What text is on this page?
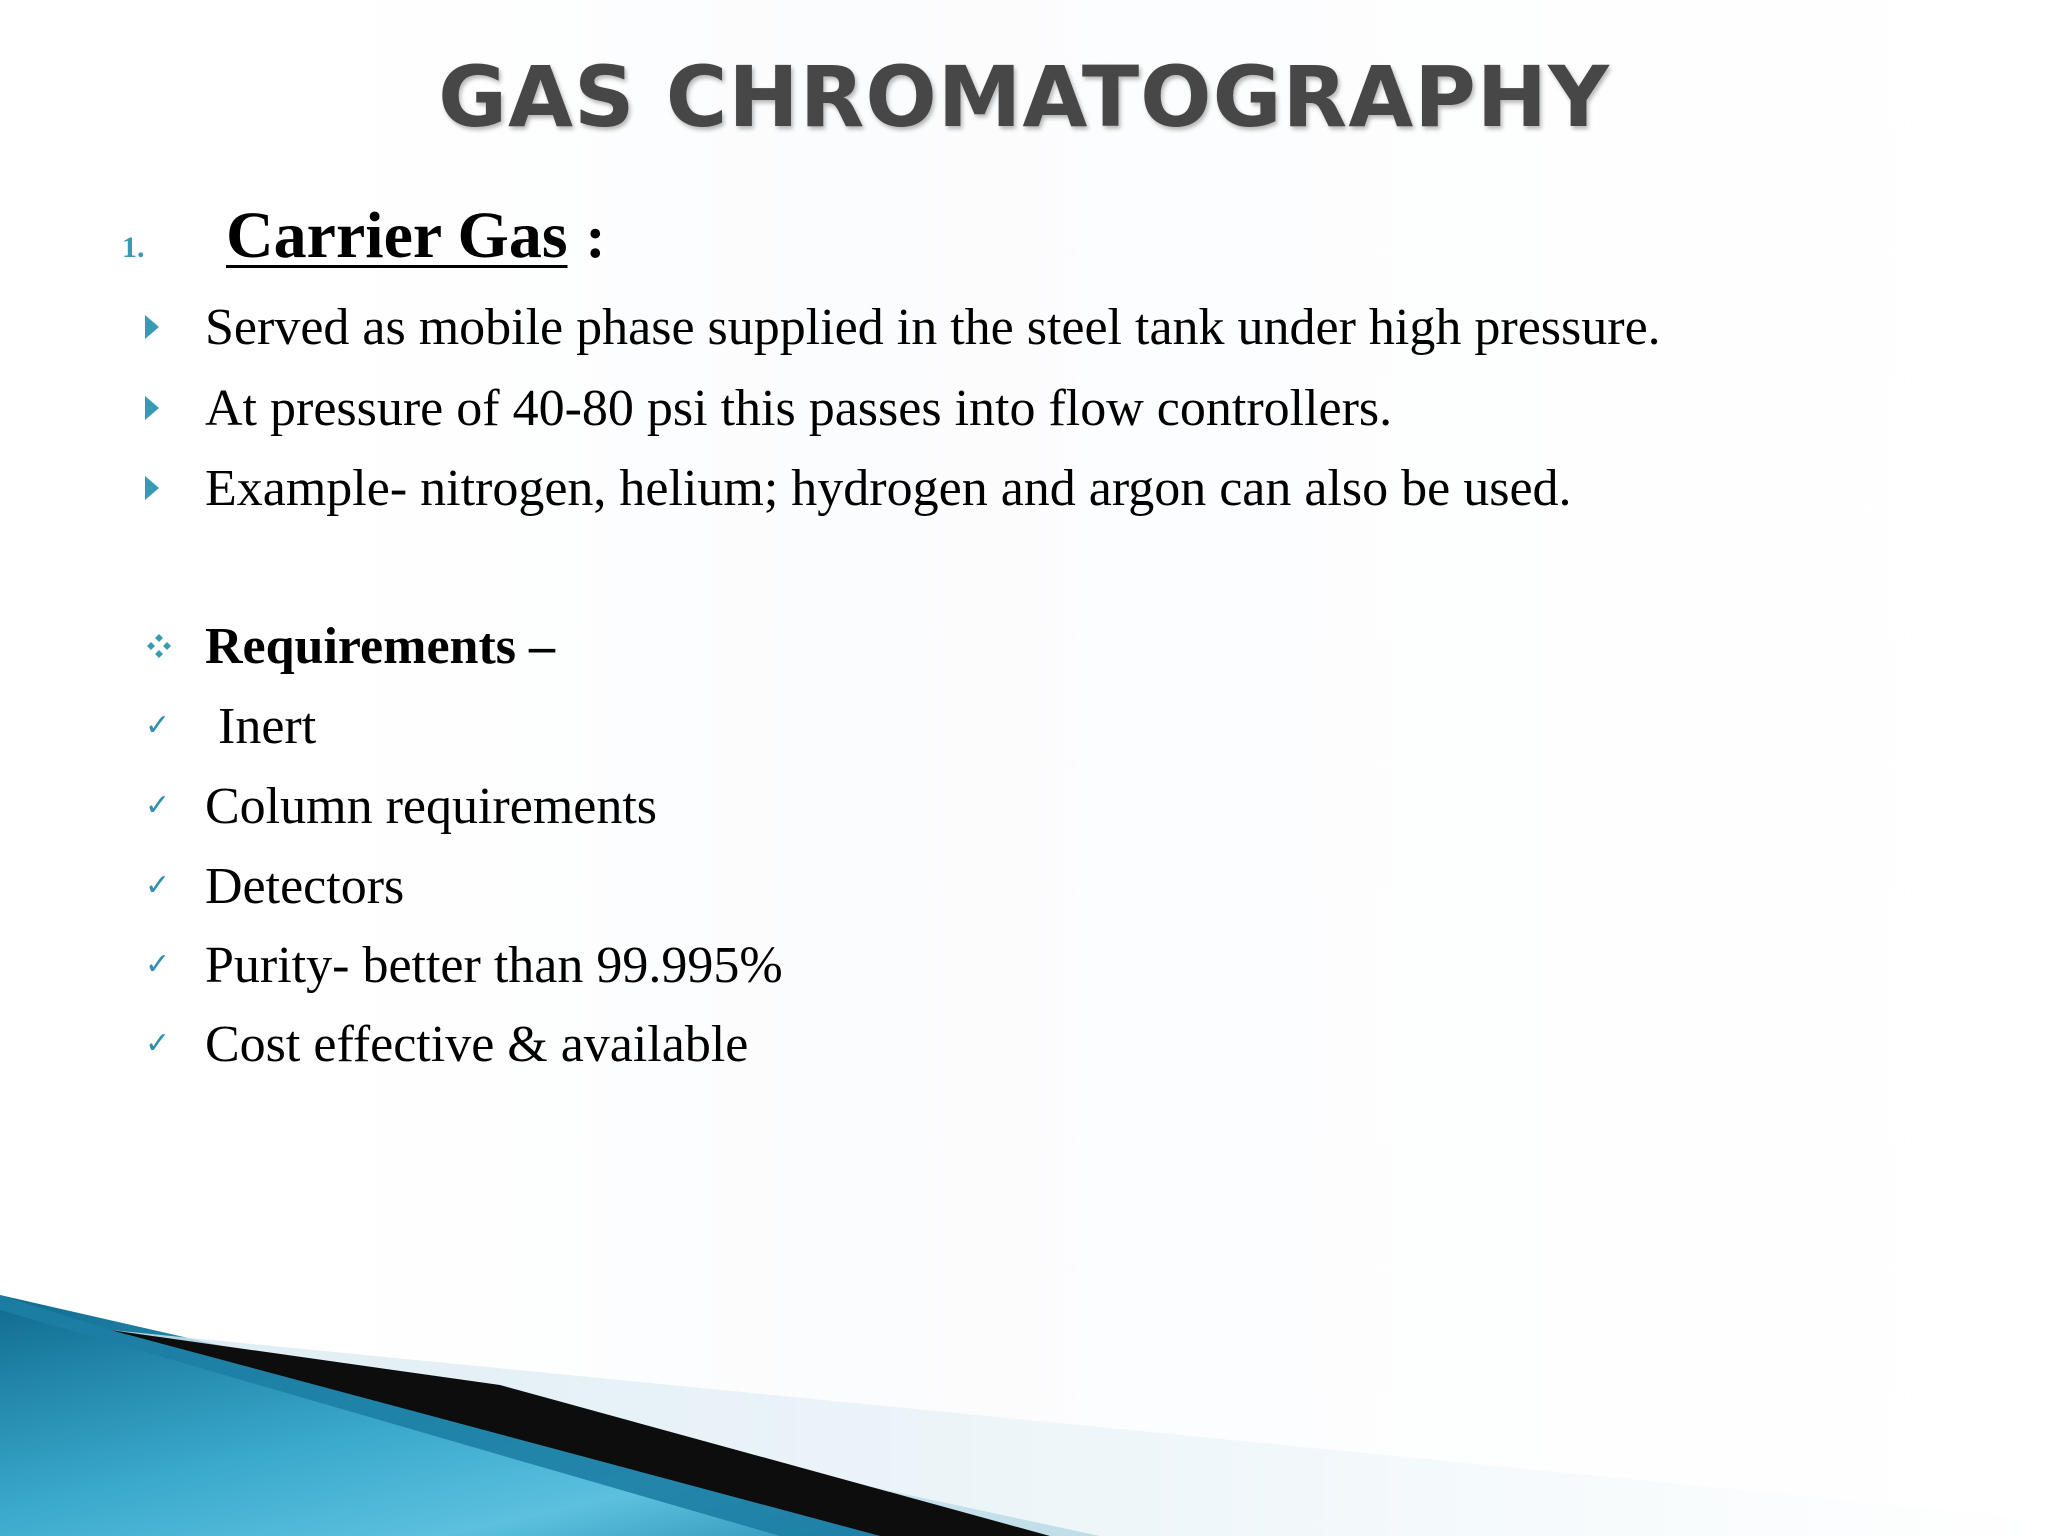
GAS CHROMATOGRAPHY
1.	Carrier Gas :
Served as mobile phase supplied in the steel tank under high pressure.
At pressure of 40-80 psi this passes into flow controllers.
Example- nitrogen, helium; hydrogen and argon can also be used.
Requirements –
✓ Inert
✓ Column requirements
✓ Detectors
✓ Purity- better than 99.995%
✓ Cost effective & available
